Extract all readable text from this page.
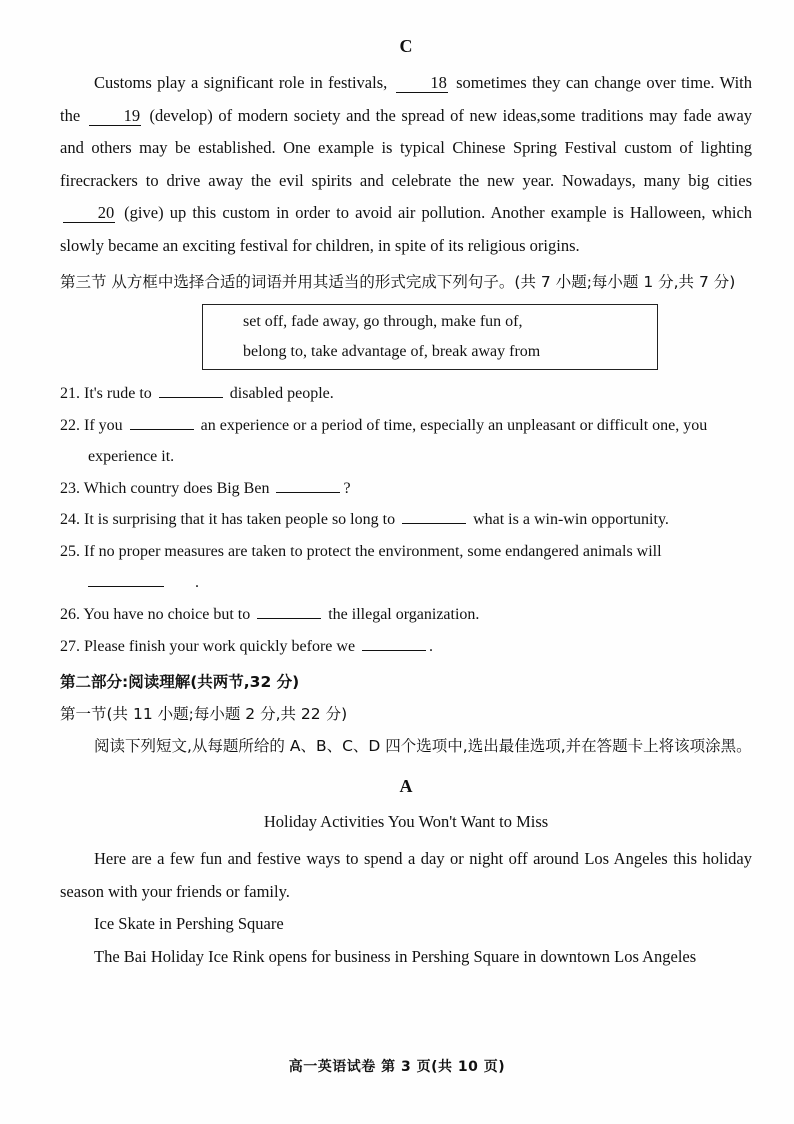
C

Customs play a significant role in festivals,	18 sometimes they can change over time. With the	19 (develop) of modern society and the spread of new ideas,some traditions may fade away and others may be established. One example is typical Chinese Spring Festival custom of lighting firecrackers to drive away the evil spirits and celebrate the new year. Nowadays, many big cities 20 (give) up this custom in order to avoid air pollution. Another example is Halloween, which slowly became an exciting festival for children, in spite of its religious origins.

第三节 从方框中选择合适的词语并用其适当的形式完成下列句子。(共 7 小题;每小题 1 分,共 7 分)

set off, fade away, go through, make fun of,
belong to, take advantage of, break away from

21. It's rude to	disabled people.

22. If you	an experience or a period of time, especially an unpleasant or difficult one, you experience it.

23. Which country does Big Ben	?

24. It is surprising that it has taken people so long to	what is a win-win opportunity.

25. If no proper measures are taken to protect the environment, some endangered animals will

.

26. You have no choice but to	the illegal organization.

27. Please finish your work quickly before we	.

第二部分:阅读理解(共两节,32 分)

第一节(共 11 小题;每小题 2 分,共 22 分)

阅读下列短文,从每题所给的 A、B、C、D 四个选项中,选出最佳选项,并在答题卡上将该项涂黑。

A
Holiday Activities You Won't Want to Miss

Here are a few fun and festive ways to spend a day or night off around Los Angeles this holiday season with your friends or family.

Ice Skate in Pershing Square

The Bai Holiday Ice Rink opens for business in Pershing Square in downtown Los Angeles

高一英语试卷 第 3 页(共 10 页)
